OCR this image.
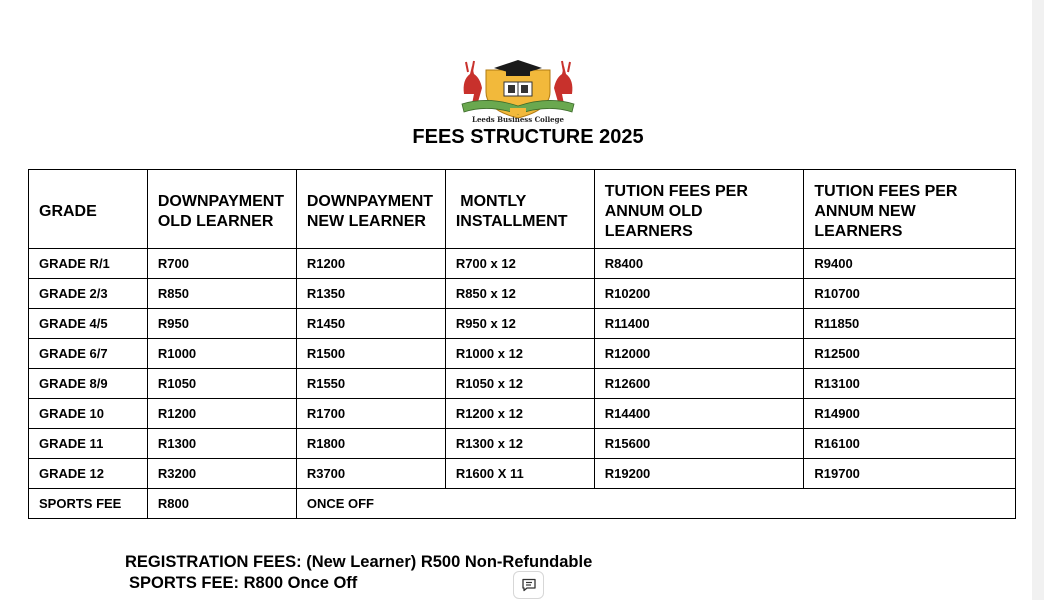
Leeds Business College
FEES STRUCTURE 2025
GRADE	DOWNPAYMENT OLD LEARNER	DOWNPAYMENT NEW LEARNER	MONTLY INSTALLMENT	TUTION FEES PER ANNUM OLD LEARNERS	TUTION FEES PER ANNUM NEW LEARNERS
GRADE R/1	R700	R1200	R700 x 12	R8400	R9400
GRADE 2/3	R850	R1350	R850 x 12	R10200	R10700
GRADE 4/5	R950	R1450	R950 x 12	R11400	R11850
GRADE 6/7	R1000	R1500	R1000 x 12	R12000	R12500
GRADE 8/9	R1050	R1550	R1050 x 12	R12600	R13100
GRADE 10	R1200	R1700	R1200 x 12	R14400	R14900
GRADE 11	R1300	R1800	R1300 x 12	R15600	R16100
GRADE 12	R3200	R3700	R1600 X 11	R19200	R19700
SPORTS FEE	R800	ONCE OFF			
REGISTRATION FEES: (New Learner) R500 Non-Refundable
SPORTS FEE: R800 Once Off
